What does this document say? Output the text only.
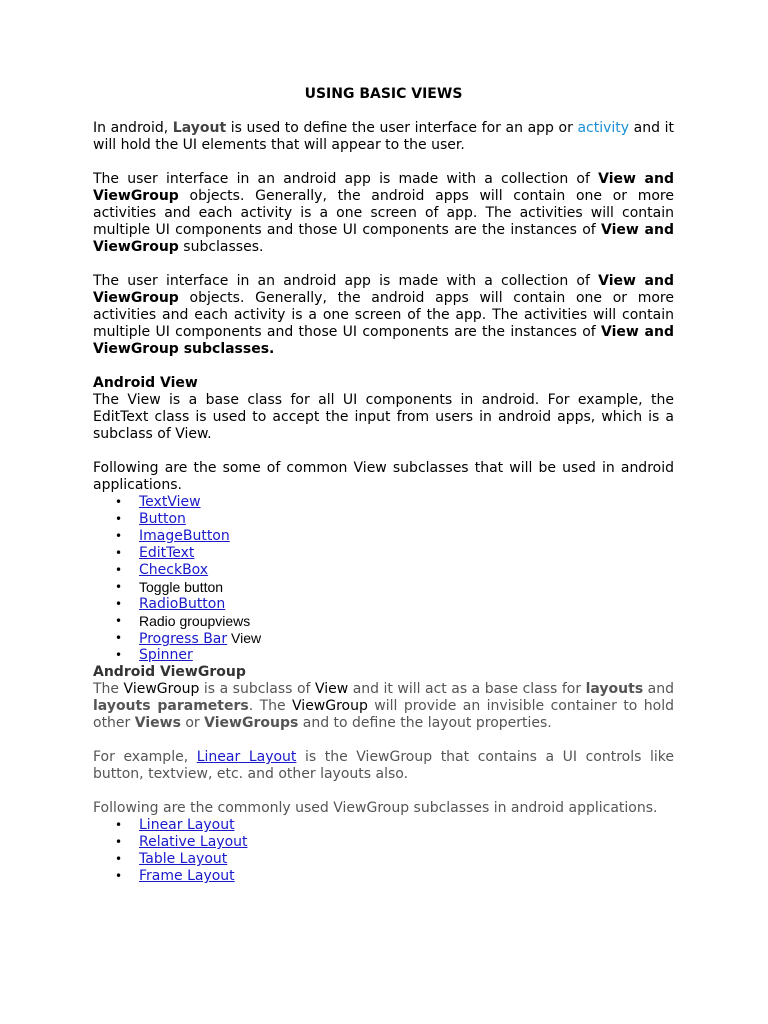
USING BASIC VIEWS

In android, Layout is used to define the user interface for an app or activity and it will hold the UI elements that will appear to the user.

The user interface in an android app is made with a collection of View and ViewGroup objects. Generally, the android apps will contain one or more activities and each activity is a one screen of app. The activities will contain multiple UI components and those UI components are the instances of View and ViewGroup subclasses.

The user interface in an android app is made with a collection of View and ViewGroup objects. Generally, the android apps will contain one or more activities and each activity is a one screen of the app. The activities will contain multiple UI components and those UI components are the instances of View and ViewGroup subclasses.

Android View

The View is a base class for all UI components in android. For example, the EditText class is used to accept the input from users in android apps, which is a subclass of View.

Following are the some of common View subclasses that will be used in android applications.

• TextView
• Button
• ImageButton
• EditText
• CheckBox
• Toggle button
• RadioButton
• Radio groupviews
• Progress Bar View
• Spinner
Android ViewGroup

The ViewGroup is a subclass of View and it will act as a base class for layouts and layouts parameters. The ViewGroup will provide an invisible container to hold other Views or ViewGroups and to define the layout properties.

For example, Linear Layout is the ViewGroup that contains a UI controls like button, textview, etc. and other layouts also.

Following are the commonly used ViewGroup subclasses in android applications.

• Linear Layout
• Relative Layout
• Table Layout
• Frame Layout
